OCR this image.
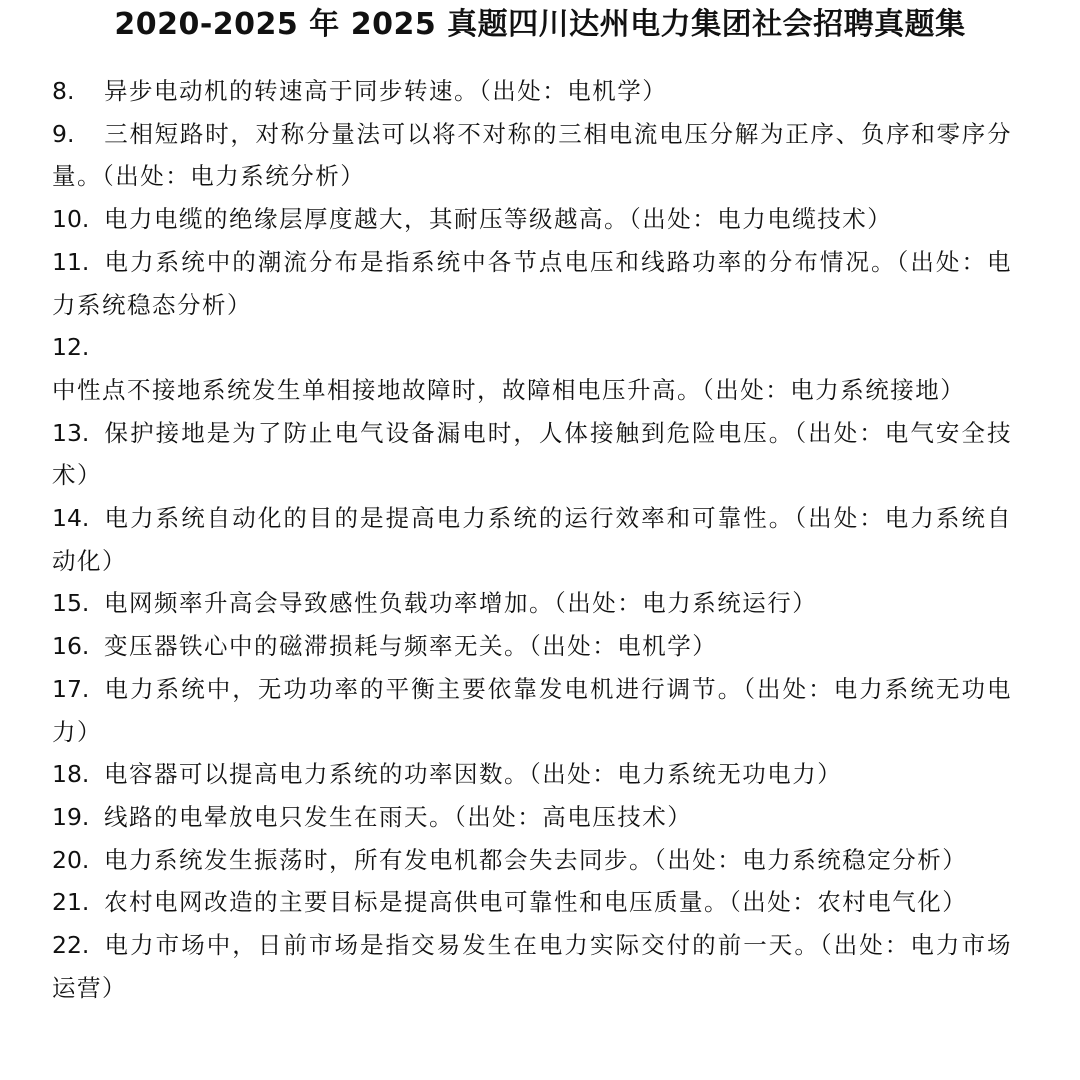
2020-2025 年 2025 真题四川达州电力集团社会招聘真题集

8. 异步电动机的转速高于同步转速。（出处：电机学）

9. 三相短路时，对称分量法可以将不对称的三相电流电压分解为正序、负序和零序分量。（出处：电力系统分析）

10. 电力电缆的绝缘层厚度越大，其耐压等级越高。（出处：电力电缆技术）

11. 电力系统中的潮流分布是指系统中各节点电压和线路功率的分布情况。（出处：电力系统稳态分析）

12.中性点不接地系统发生单相接地故障时，故障相电压升高。（出处：电力系统接地）

13. 保护接地是为了防止电气设备漏电时，人体接触到危险电压。（出处：电气安全技术）

14. 电力系统自动化的目的是提高电力系统的运行效率和可靠性。（出处：电力系统自动化）

15. 电网频率升高会导致感性负载功率增加。（出处：电力系统运行）

16. 变压器铁心中的磁滞损耗与频率无关。（出处：电机学）

17. 电力系统中，无功功率的平衡主要依靠发电机进行调节。（出处：电力系统无功电力）

18. 电容器可以提高电力系统的功率因数。（出处：电力系统无功电力）

19. 线路的电晕放电只发生在雨天。（出处：高电压技术）

20. 电力系统发生振荡时，所有发电机都会失去同步。（出处：电力系统稳定分析）

21. 农村电网改造的主要目标是提高供电可靠性和电压质量。（出处：农村电气化）

22. 电力市场中，日前市场是指交易发生在电力实际交付的前一天。（出处：电力市场运营）
